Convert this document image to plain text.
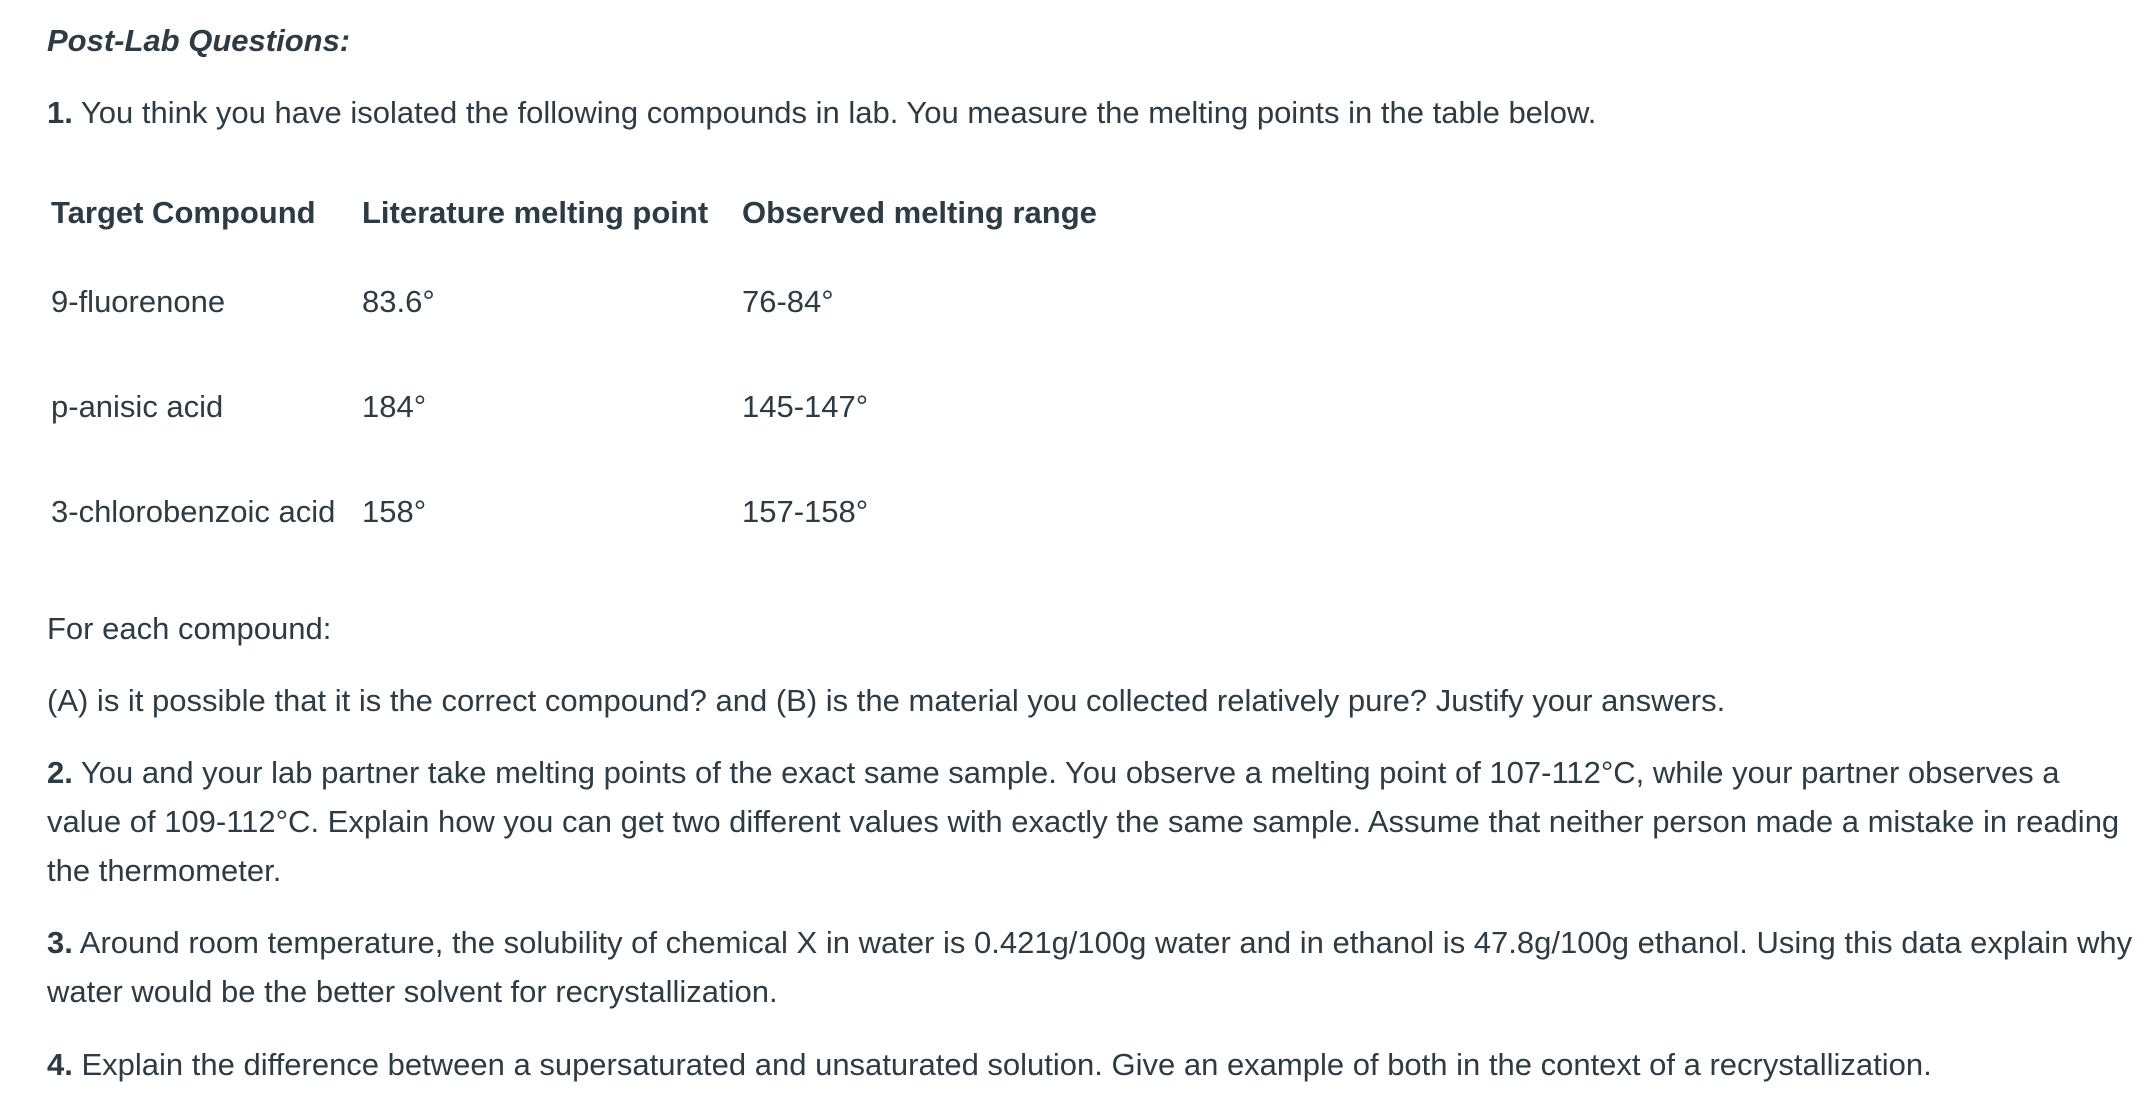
Post-Lab Questions:

1. You think you have isolated the following compounds in lab. You measure the melting points in the table below.

Target Compound	Literature melting point	Observed melting range
9-fluorenone	83.6°	76-84°
p-anisic acid	184°	145-147°
3-chlorobenzoic acid	158°	157-158°

For each compound:

(A) is it possible that it is the correct compound? and (B) is the material you collected relatively pure? Justify your answers.

2. You and your lab partner take melting points of the exact same sample. You observe a melting point of 107-112°C, while your partner observes a value of 109-112°C. Explain how you can get two different values with exactly the same sample. Assume that neither person made a mistake in reading the thermometer.

3. Around room temperature, the solubility of chemical X in water is 0.421g/100g water and in ethanol is 47.8g/100g ethanol. Using this data explain why water would be the better solvent for recrystallization.

4. Explain the difference between a supersaturated and unsaturated solution. Give an example of both in the context of a recrystallization.
